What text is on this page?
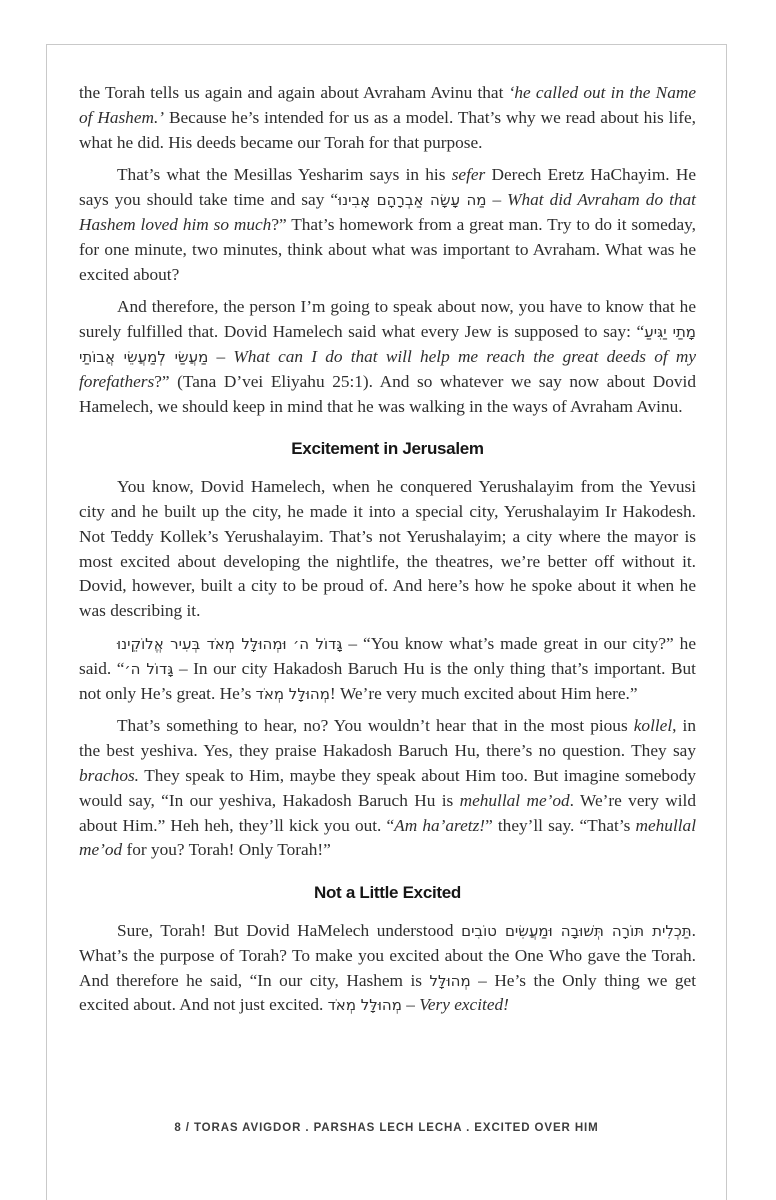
the Torah tells us again and again about Avraham Avinu that ‘he called out in the Name of Hashem.’ Because he’s intended for us as a model. That’s why we read about his life, what he did. His deeds became our Torah for that purpose.

That’s what the Mesillas Yesharim says in his sefer Derech Eretz HaChayim. He says you should take time and say “מַה עָשָׂה אַבְרָהָם אָבִינוּ – What did Avraham do that Hashem loved him so much?” That’s homework from a great man. Try to do it someday, for one minute, two minutes, think about what was important to Avraham. What was he excited about?

And therefore, the person I’m going to speak about now, you have to know that he surely fulfilled that. Dovid Hamelech said what every Jew is supposed to say: “מָתַי יַגִּיעַ מַעֲשַׂי לְמַעֲשֵׂי אֲבוֹתַי – What can I do that will help me reach the great deeds of my forefathers?” (Tana D’vei Eliyahu 25:1). And so whatever we say now about Dovid Hamelech, we should keep in mind that he was walking in the ways of Avraham Avinu.

Excitement in Jerusalem

You know, Dovid Hamelech, when he conquered Yerushalayim from the Yevusi city and he built up the city, he made it into a special city, Yerushalayim Ir Hakodesh. Not Teddy Kollek’s Yerushalayim. That’s not Yerushalayim; a city where the mayor is most excited about developing the nightlife, the theatres, we’re better off without it. Dovid, however, built a city to be proud of. And here’s how he spoke about it when he was describing it.

גָּדוֹל ה׳ וּמְהוּלָּל מְאֹד בְּעִיר אֱלוֹקֵינוּ – “You know what’s made great in our city?” he said. “גָּדוֹל ה׳ – In our city Hakadosh Baruch Hu is the only thing that’s important. But not only He’s great. He’s מְהוּלָּל מְאֹד! We’re very much excited about Him here.”

That’s something to hear, no? You wouldn’t hear that in the most pious kollel, in the best yeshiva. Yes, they praise Hakadosh Baruch Hu, there’s no question. They say brachos. They speak to Him, maybe they speak about Him too. But imagine somebody would say, “In our yeshiva, Hakadosh Baruch Hu is mehullal me’od. We’re very wild about Him.” Heh heh, they’ll kick you out. “Am ha’aretz!” they’ll say. “That’s mehullal me’od for you? Torah! Only Torah!”

Not a Little Excited

Sure, Torah! But Dovid HaMelech understood תַּכְלִית תּוֹרָה תְּשׁוּבָה וּמַעֲשִׂים טוֹבִים. What’s the purpose of Torah? To make you excited about the One Who gave the Torah. And therefore he said, “In our city, Hashem is מְהוּלָּל – He’s the Only thing we get excited about. And not just excited. מְהוּלָּל מְאֹד – Very excited!

8 / TORAS AVIGDOR . PARSHAS LECH LECHA . EXCITED OVER HIM
